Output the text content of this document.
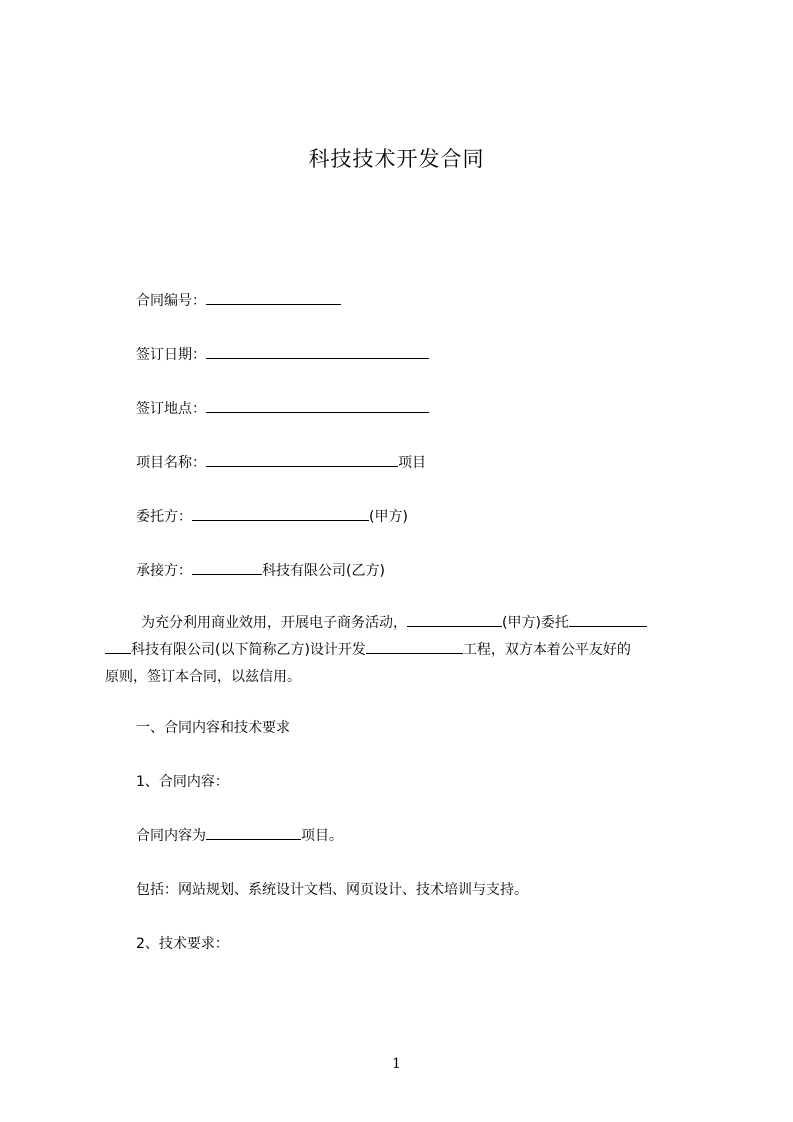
科技技术开发合同
合同编号：
签订日期：
签订地点：
项目名称：	项目
委托方：	(甲方)
承接方：	科技有限公司(乙方)
为充分利用商业效用，开展电子商务活动，	(甲方)委托
科技有限公司(以下简称乙方)设计开发	工程，双方本着公平友好的
原则，签订本合同，以兹信用。
一、合同内容和技术要求
1、合同内容：
合同内容为	项目。
包括：网站规划、系统设计文档、网页设计、技术培训与支持。
2、技术要求：
1
